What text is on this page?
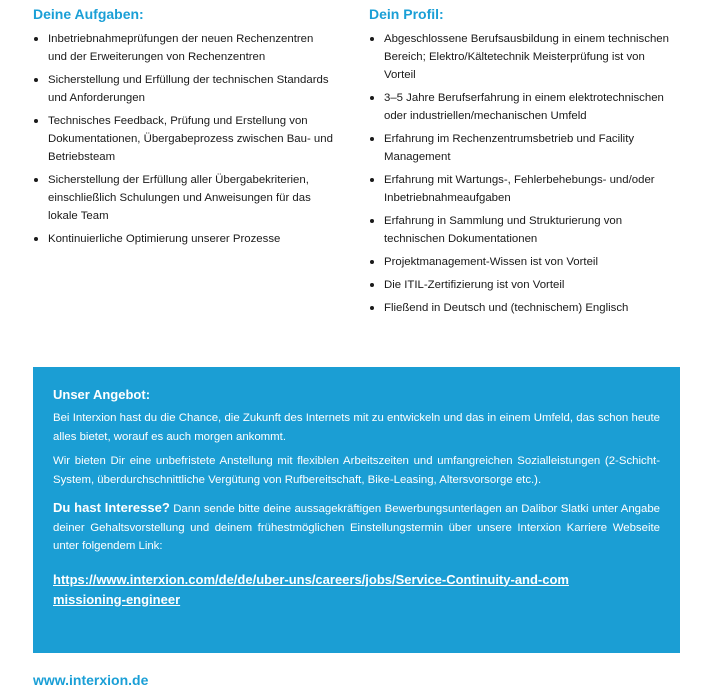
Deine Aufgaben:
Inbetriebnahmeprüfungen der neuen Rechenzentren und der Erweiterungen von Rechenzentren
Sicherstellung und Erfüllung der technischen Standards und Anforderungen
Technisches Feedback, Prüfung und Erstellung von Dokumentationen, Übergabeprozess zwischen Bau- und Betriebsteam
Sicherstellung der Erfüllung aller Übergabekriterien, einschließlich Schulungen und Anweisungen für das lokale Team
Kontinuierliche Optimierung unserer Prozesse
Dein Profil:
Abgeschlossene Berufsausbildung in einem technischen Bereich; Elektro/Kältetechnik Meisterprüfung ist von Vorteil
3–5 Jahre Berufserfahrung in einem elektrotechnischen oder industriellen/mechanischen Umfeld
Erfahrung im Rechenzentrumsbetrieb und Facility Management
Erfahrung mit Wartungs-, Fehlerbehebungs- und/oder Inbetriebnahmeaufgaben
Erfahrung in Sammlung und Strukturierung von technischen Dokumentationen
Projektmanagement-Wissen ist von Vorteil
Die ITIL-Zertifizierung ist von Vorteil
Fließend in Deutsch und (technischem) Englisch
Unser Angebot:

Bei Interxion hast du die Chance, die Zukunft des Internets mit zu entwickeln und das in einem Umfeld, das schon heute alles bietet, worauf es auch morgen ankommt.

Wir bieten Dir eine unbefristete Anstellung mit flexiblen Arbeitszeiten und umfangreichen Sozialleistungen (2-Schicht-System, überdurchschnittliche Vergütung von Rufbereitschaft, Bike-Leasing, Altersvorsorge etc.).

Du hast Interesse? Dann sende bitte deine aussagekräftigen Bewerbungsunterlagen an Dalibor Slatki unter Angabe deiner Gehaltsvorstellung und deinem frühestmöglichen Einstellungstermin über unsere Interxion Karriere Webseite unter folgendem Link:

https://www.interxion.com/de/de/uber-uns/careers/jobs/Service-Continuity-and-commissioning-engineer
www.interxion.de
